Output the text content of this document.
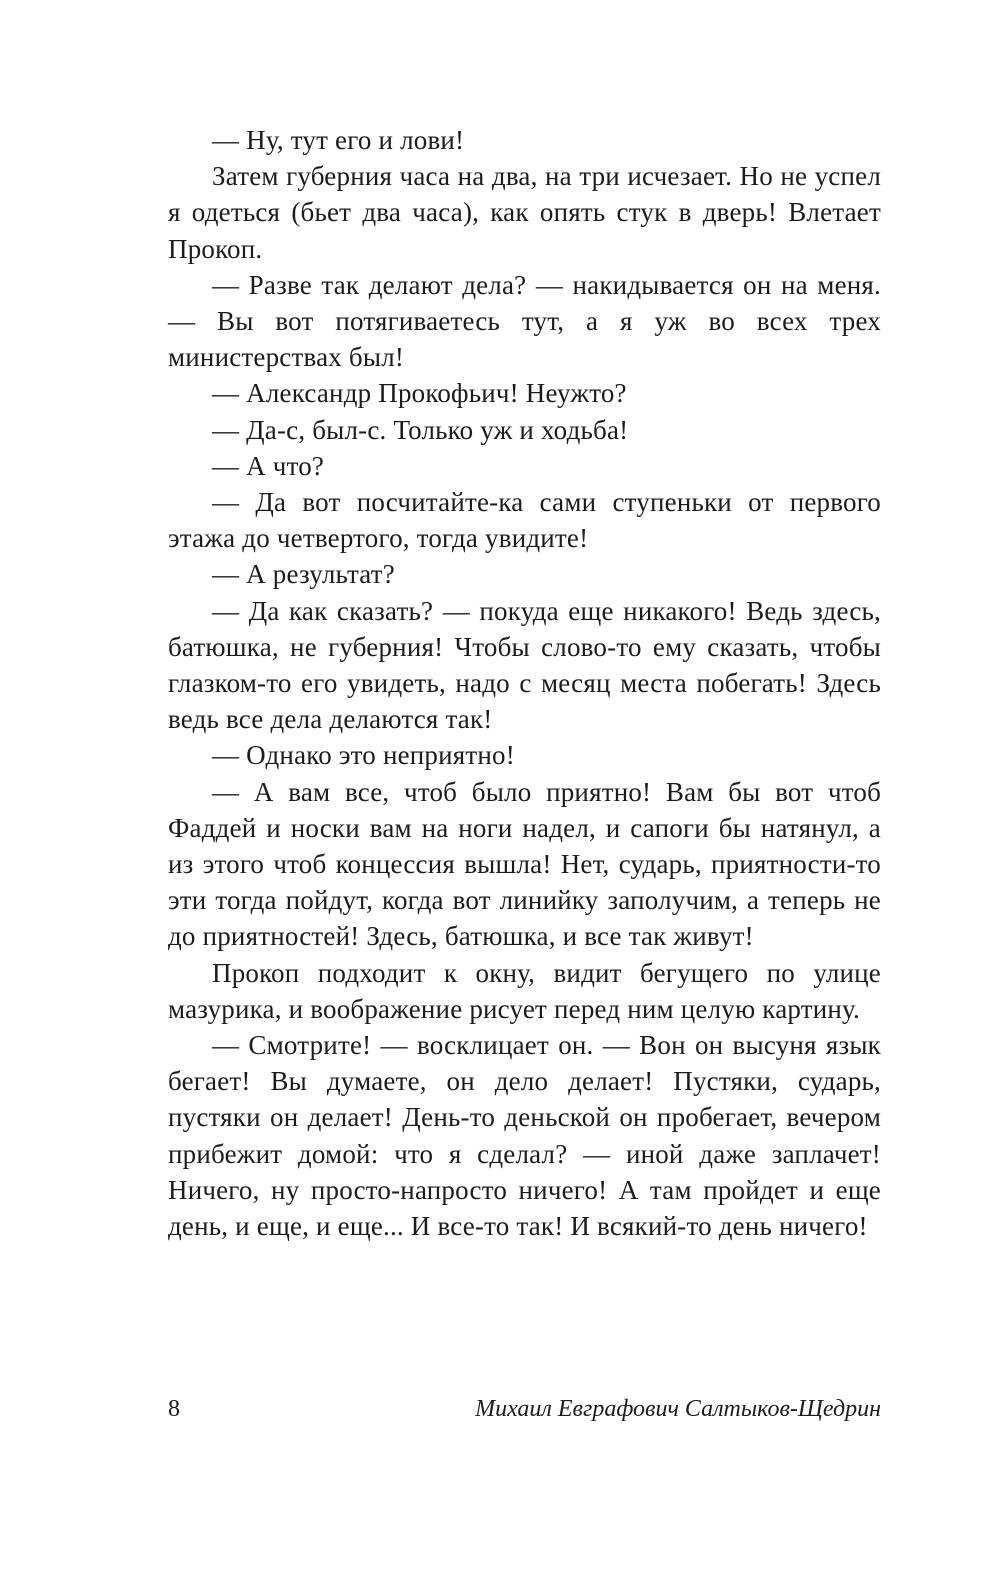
— Ну, тут его и лови!

Затем губерния часа на два, на три исчезает. Но не успел я одеться (бьет два часа), как опять стук в дверь! Влетает Прокоп.

— Разве так делают дела? — накидывается он на меня. — Вы вот потягиваетесь тут, а я уж во всех трех министерствах был!

— Александр Прокофьич! Неужто?

— Да-с, был-с. Только уж и ходьба!

— А что?

— Да вот посчитайте-ка сами ступеньки от первого этажа до четвертого, тогда увидите!

— А результат?

— Да как сказать? — покуда еще никакого! Ведь здесь, батюшка, не губерния! Чтобы слово-то ему сказать, чтобы глазком-то его увидеть, надо с месяц места побегать! Здесь ведь все дела делаются так!

— Однако это неприятно!

— А вам все, чтоб было приятно! Вам бы вот чтоб Фаддей и носки вам на ноги надел, и сапоги бы натянул, а из этого чтоб концессия вышла! Нет, сударь, приятности-то эти тогда пойдут, когда вот линийку заполучим, а теперь не до приятностей! Здесь, батюшка, и все так живут!

Прокоп подходит к окну, видит бегущего по улице мазурика, и воображение рисует перед ним целую картину.

— Смотрите! — восклицает он. — Вон он высуня язык бегает! Вы думаете, он дело делает! Пустяки, сударь, пустяки он делает! День-то деньской он пробегает, вечером прибежит домой: что я сделал? — иной даже заплачет! Ничего, ну просто-напросто ничего! А там пройдет и еще день, и еще, и еще... И все-то так! И всякий-то день ничего!

8	Михаил Евграфович Салтыков-Щедрин
